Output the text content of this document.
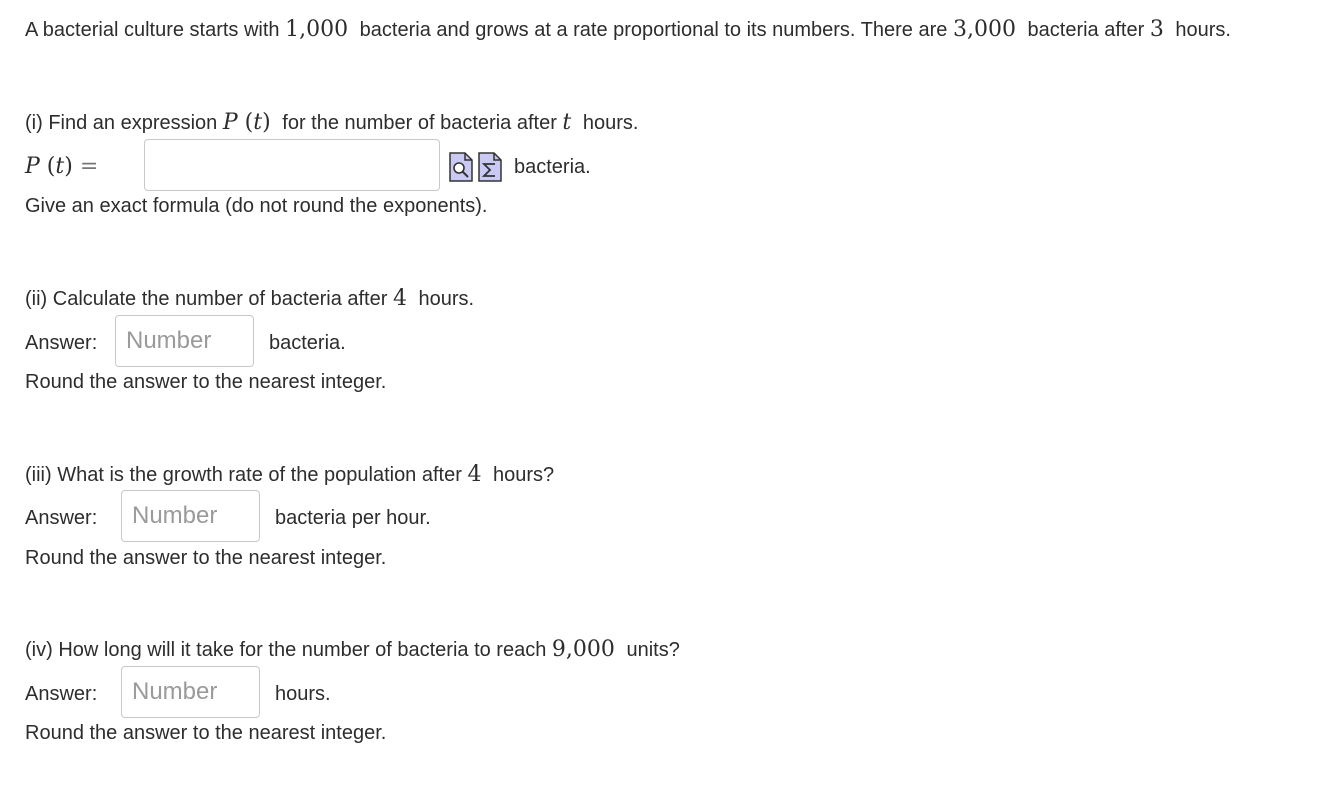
A bacterial culture starts with 1,000 bacteria and grows at a rate proportional to its numbers. There are 3,000 bacteria after 3 hours.
(i) Find an expression P (t) for the number of bacteria after t hours.
P (t) =	bacteria.
Give an exact formula (do not round the exponents).
(ii) Calculate the number of bacteria after 4 hours.
Answer:
Number	bacteria.
Round the answer to the nearest integer.
(iii) What is the growth rate of the population after 4 hours?
Answer:
Number	bacteria per hour.
Round the answer to the nearest integer.
(iv) How long will it take for the number of bacteria to reach 9,000 units?
Answer:
Number	hours.
Round the answer to the nearest integer.
